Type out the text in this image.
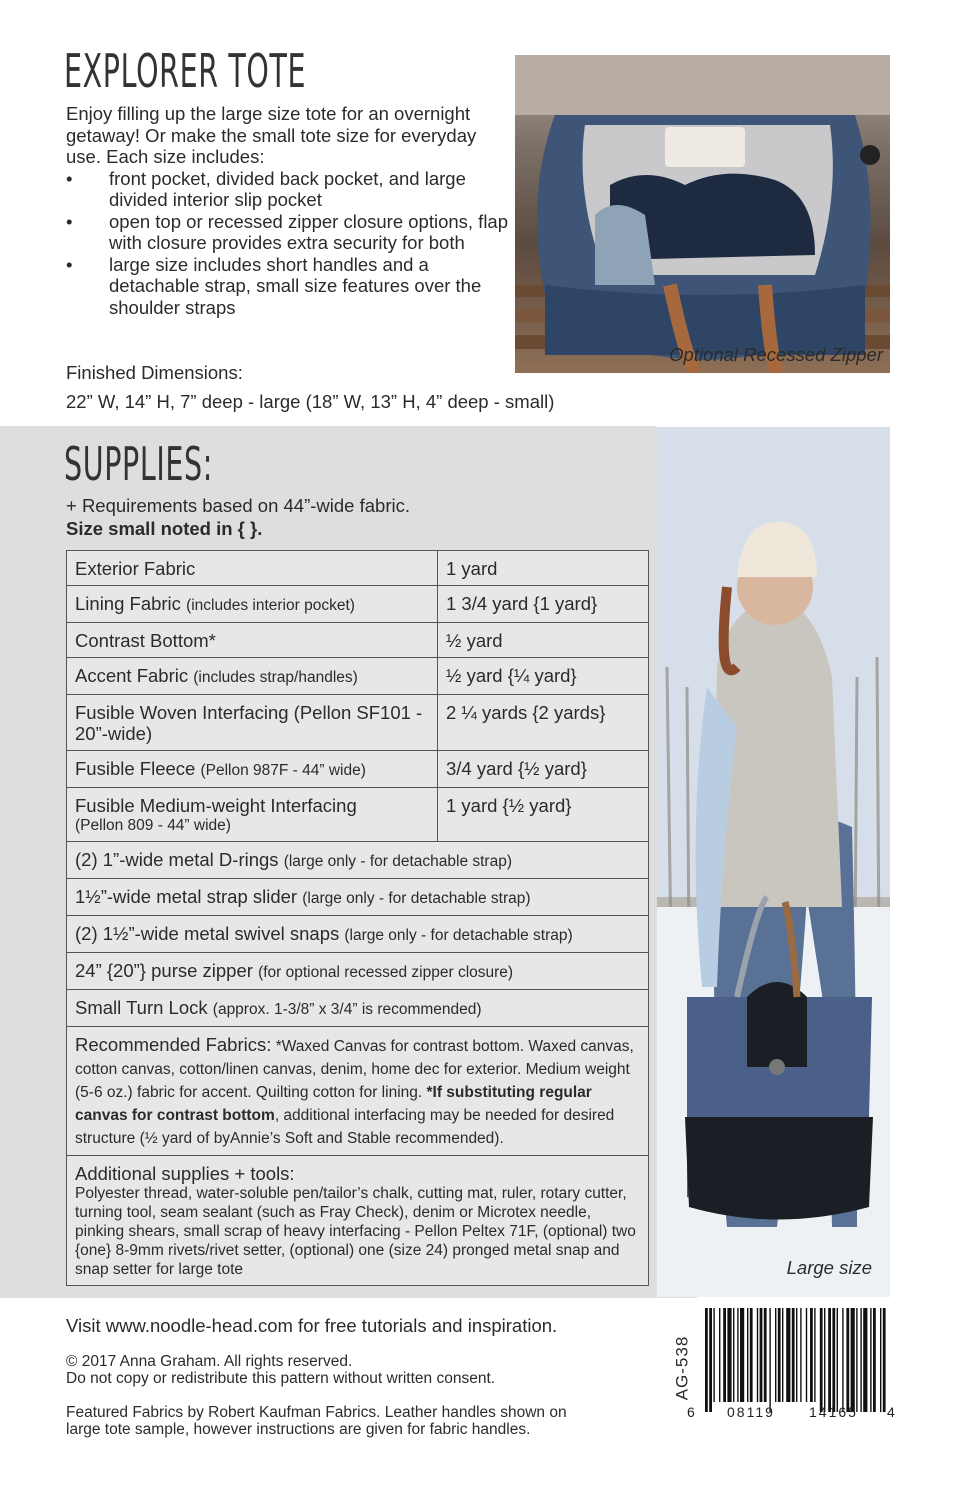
EXPLORER TOTE

Enjoy filling up the large size tote for an overnight getaway! Or make the small tote size for everyday use. Each size includes:

• front pocket, divided back pocket, and large divided interior slip pocket
• open top or recessed zipper closure options, flap with closure provides extra security for both
• large size includes short handles and a detachable strap, small size features over the shoulder straps
Optional Recessed Zipper
Finished Dimensions:
22” W, 14” H, 7” deep - large (18” W, 13” H, 4” deep - small)
Large size
SUPPLIES:
+ Requirements based on 44”-wide fabric.
Size small noted in { }.
Exterior Fabric	1 yard
Lining Fabric (includes interior pocket)	1 3/4 yard {1 yard}
Contrast Bottom*	½ yard
Accent Fabric (includes strap/handles)	½ yard {¼ yard}
Fusible Woven Interfacing (Pellon SF101 - 20”-wide)	2 ¼ yards {2 yards}
Fusible Fleece (Pellon 987F - 44” wide)	3/4 yard {½ yard}
Fusible Medium-weight Interfacing
(Pellon 809 - 44” wide)	1 yard {½ yard}
(2) 1”-wide metal D-rings (large only - for detachable strap)	
1½”-wide metal strap slider (large only - for detachable strap)	
(2) 1½”-wide metal swivel snaps (large only - for detachable strap)	
24” {20”} purse zipper (for optional recessed zipper closure)	
Small Turn Lock (approx. 1-3/8” x 3/4” is recommended)	
Recommended Fabrics: *Waxed Canvas for contrast bottom. Waxed canvas, cotton canvas, cotton/linen canvas, denim, home dec for exterior. Medium weight (5-6 oz.) fabric for accent. Quilting cotton for lining. *If substituting regular canvas for contrast bottom, additional interfacing may be needed for desired structure (½ yard of byAnnie’s Soft and Stable recommended).	
Additional supplies + tools:
Polyester thread, water-soluble pen/tailor’s chalk, cutting mat, ruler, rotary cutter, turning tool, seam sealant (such as Fray Check), denim or Microtex needle, pinking shears, small scrap of heavy interfacing - Pellon Peltex 71F, (optional) two {one} 8-9mm rivets/rivet setter, (optional) one (size 24) pronged metal snap and snap setter for large tote	
Visit www.noodle-head.com for free tutorials and inspiration.
© 2017 Anna Graham. All rights reserved.
Do not copy or redistribute this pattern without written consent.
Featured Fabrics by Robert Kaufman Fabrics. Leather handles shown on
large tote sample, however instructions are given for fabric handles.
AG-538
6 08119 14165 4
